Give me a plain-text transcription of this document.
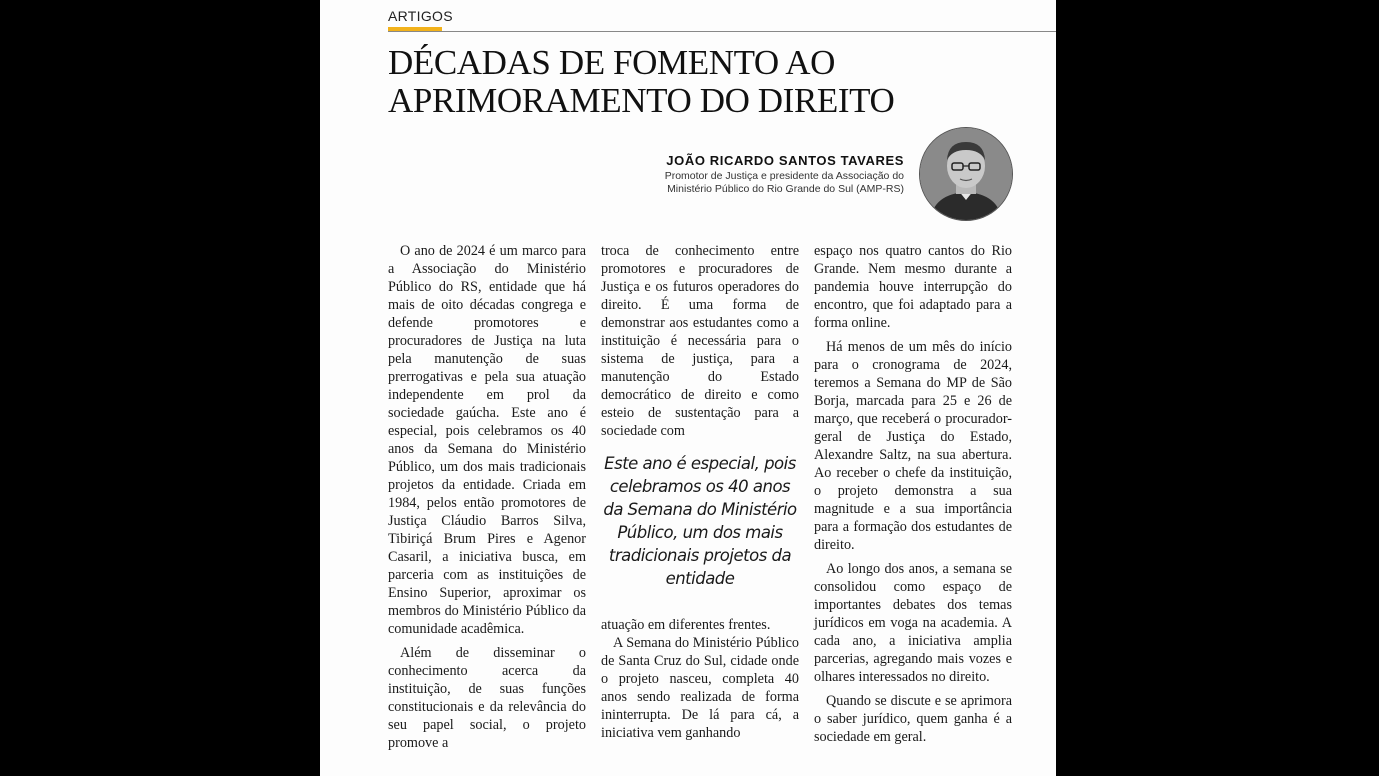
ARTIGOS
DÉCADAS DE FOMENTO AO APRIMORAMENTO DO DIREITO
JOÃO RICARDO SANTOS TAVARES
Promotor de Justiça e presidente da Associação do Ministério Público do Rio Grande do Sul (AMP-RS)

O ano de 2024 é um marco para a Associação do Ministério Público do RS, entidade que há mais de oito décadas congrega e defende promotores e procuradores de Justiça na luta pela manutenção de suas prerrogativas e pela sua atuação independente em prol da sociedade gaúcha. Este ano é especial, pois celebramos os 40 anos da Semana do Ministério Público, um dos mais tradicionais projetos da entidade. Criada em 1984, pelos então promotores de Justiça Cláudio Barros Silva, Tibiriçá Brum Pires e Agenor Casaril, a iniciativa busca, em parceria com as instituições de Ensino Superior, aproximar os membros do Ministério Público da comunidade acadêmica.

Além de disseminar o conhecimento acerca da instituição, de suas funções constitucionais e da relevância do seu papel social, o projeto promove a

troca de conhecimento entre promotores e procuradores de Justiça e os futuros operadores do direito. É uma forma de demonstrar aos estudantes como a instituição é necessária para o sistema de justiça, para a manutenção do Estado democrático de direito e como esteio de sustentação para a sociedade com

Este ano é especial, pois celebramos os 40 anos da Semana do Ministério Público, um dos mais tradicionais projetos da entidade

atuação em diferentes frentes.

A Semana do Ministério Público de Santa Cruz do Sul, cidade onde o projeto nasceu, completa 40 anos sendo realizada de forma ininterrupta. De lá para cá, a iniciativa vem ganhando

espaço nos quatro cantos do Rio Grande. Nem mesmo durante a pandemia houve interrupção do encontro, que foi adaptado para a forma online.

Há menos de um mês do início para o cronograma de 2024, teremos a Semana do MP de São Borja, marcada para 25 e 26 de março, que receberá o procurador-geral de Justiça do Estado, Alexandre Saltz, na sua abertura. Ao receber o chefe da instituição, o projeto demonstra a sua magnitude e a sua importância para a formação dos estudantes de direito.

Ao longo dos anos, a semana se consolidou como espaço de importantes debates dos temas jurídicos em voga na academia. A cada ano, a iniciativa amplia parcerias, agregando mais vozes e olhares interessados no direito.

Quando se discute e se aprimora o saber jurídico, quem ganha é a sociedade em geral.
